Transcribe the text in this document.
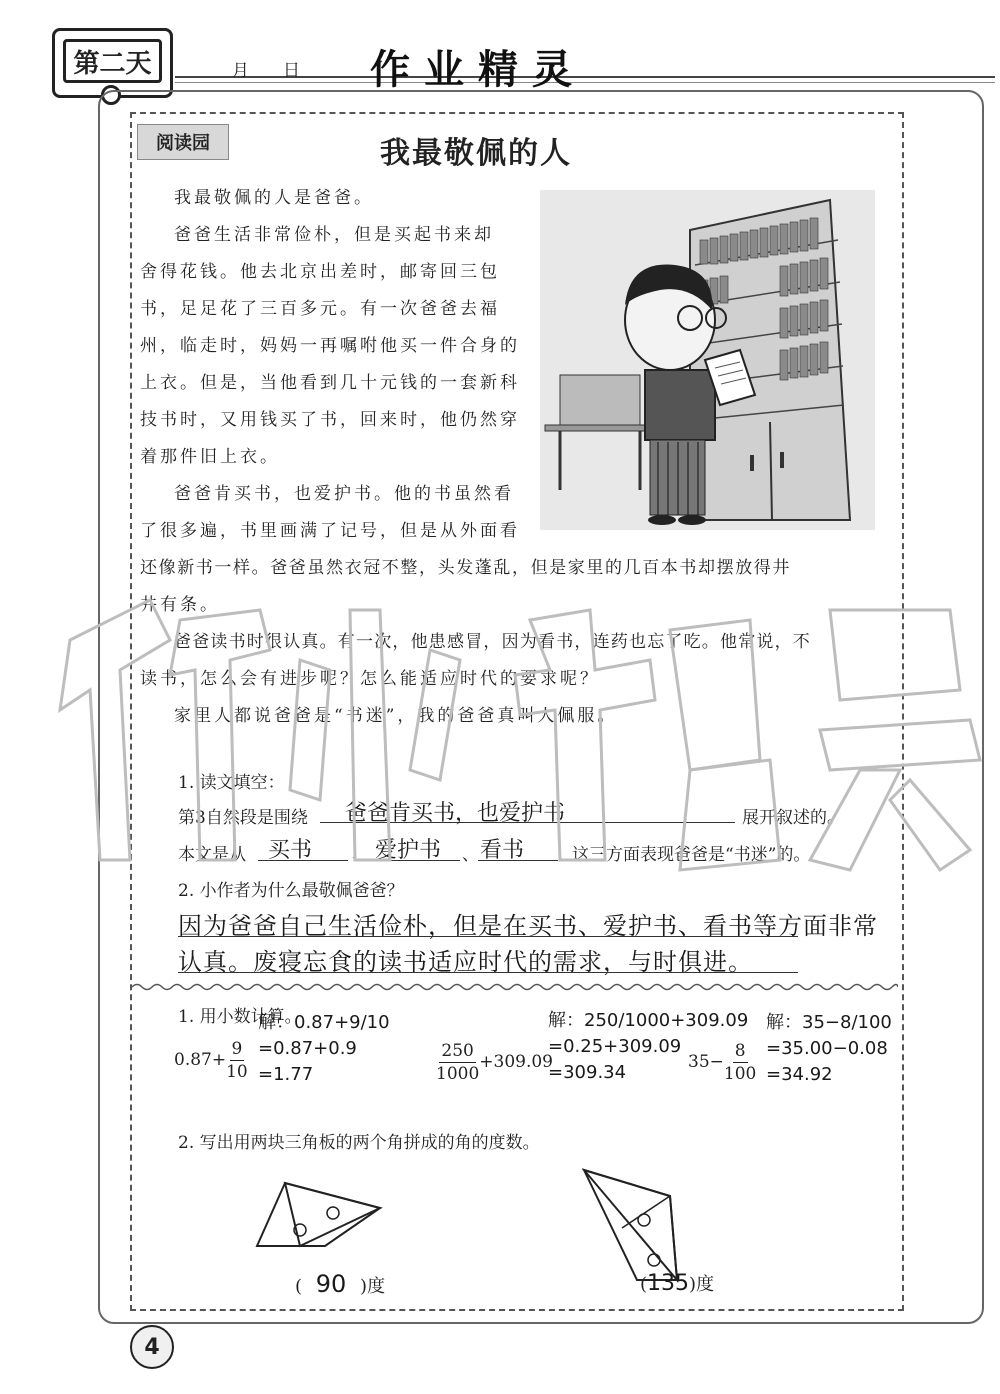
第二天	月 日 作业精灵
阅读园	我最敬佩的人
我最敬佩的人是爸爸。
爸爸生活非常俭朴，但是买起书来却
舍得花钱。他去北京出差时，邮寄回三包
书，足足花了三百多元。有一次爸爸去福
州，临走时，妈妈一再嘱咐他买一件合身的
上衣。但是，当他看到几十元钱的一套新科
技书时，又用钱买了书，回来时，他仍然穿
着那件旧上衣。
爸爸肯买书，也爱护书。他的书虽然看
了很多遍，书里画满了记号，但是从外面看
还像新书一样。爸爸虽然衣冠不整，头发蓬乱，但是家里的几百本书却摆放得井
井有条。
爸爸读书时很认真。有一次，他患感冒，因为看书，连药也忘了吃。他常说，不
读书，怎么会有进步呢？怎么能适应时代的要求呢？
家里人都说爸爸是“书迷”，我的爸爸真叫人佩服。
1. 读文填空：
第3自然段是围绕 爸爸肯买书，也爱护书	展开叙述的。
本文是从 买书 、 爱护书 、 看书	这三方面表现爸爸是“书迷”的。
2. 小作者为什么最敬佩爸爸？
因为爸爸自己生活俭朴，但是在买书、爱护书、看书等方面非常
认真。废寝忘食的读书适应时代的需求，与时俱进。
1. 用小数计算。
$0.87+ \frac{9}{10}$
解：0.87+9/10
=0.87+0.9
=1.77	$\frac{250}{1000} +309.09$
解：250/1000+309.09
=0.25+309.09
=309.34	$35- \frac{8}{100}$
解：35−8/100
=35.00−0.08
=34.92
2. 写出用两块三角板的两个角拼成的角的度数。
( 90 )度	(135)度
4
